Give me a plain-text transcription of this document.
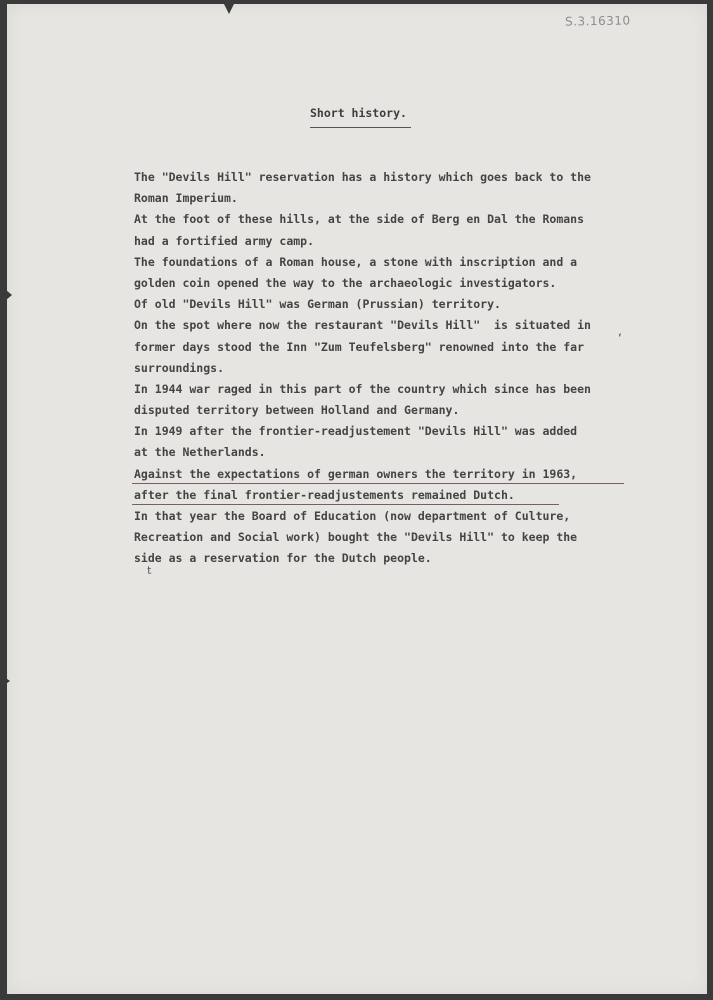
S.3.16310
Short history.
The "Devils Hill" reservation has a history which goes back to the
Roman Imperium.
At the foot of these hills, at the side of Berg en Dal the Romans
had a fortified army camp.
The foundations of a Roman house, a stone with inscription and a
golden coin opened the way to the archaeologic investigators.
Of old "Devils Hill" was German (Prussian) territory.
On the spot where now the restaurant "Devils Hill"  is situated in
former days stood the Inn "Zum Teufelsberg" renowned into the far
surroundings.
In 1944 war raged in this part of the country which since has been
disputed territory between Holland and Germany.
In 1949 after the frontier-readjustement "Devils Hill" was added
at the Netherlands.
Against the expectations of german owners the territory in 1963,
after the final frontier-readjustements remained Dutch.
In that year the Board of Education (now department of Culture,
Recreation and Social work) bought the "Devils Hill" to keep the
side as a reservation for the Dutch people.
,
t
